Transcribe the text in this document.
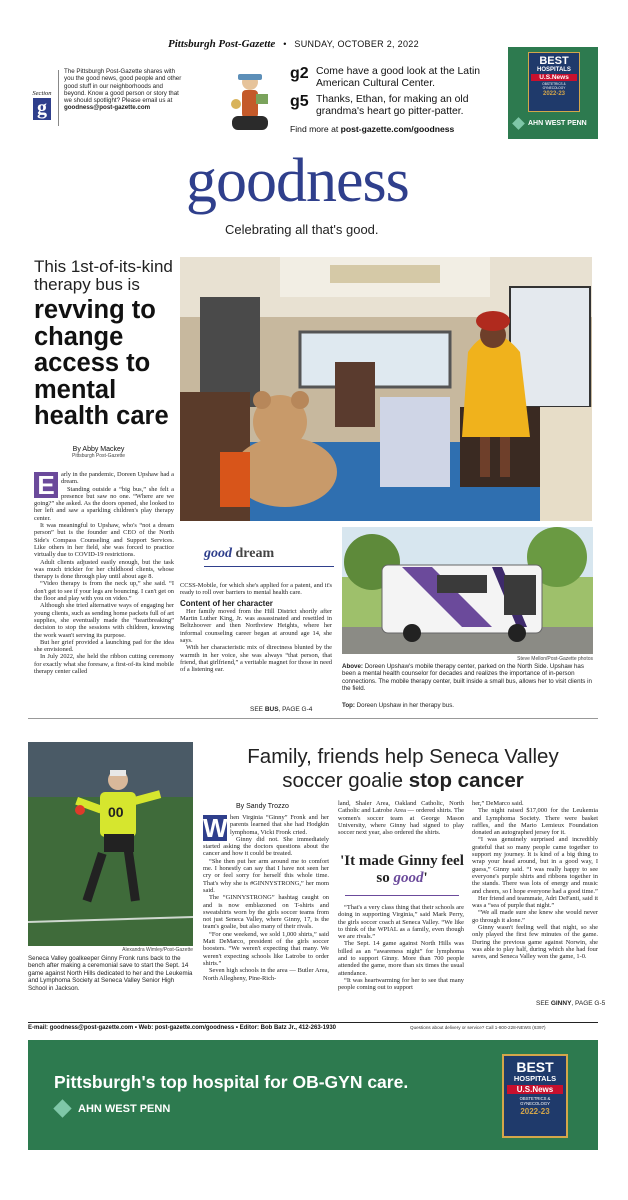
Pittsburgh Post-Gazette • SUNDAY, OCTOBER 2, 2022
Section
g
The Pittsburgh Post-Gazette shares with you the good news, good people and other good stuff in our neighborhoods and beyond. Know a good person or story that we should spotlight? Please email us at goodness@post-gazette.com
g2 Come have a good look at the Latin American Cultural Center.
g5 Thanks, Ethan, for making an old grandma's heart go pitter-patter.
Find more at post-gazette.com/goodness
BEST
HOSPITALS
U.S.News
OBSTETRICS & GYNECOLOGY
2022-23
AHN WEST PENN
goodness
Celebrating all that's good.
This 1st-of-its-kind therapy bus is
revving to change access to mental health care
By Abby Mackey
Pittsburgh Post-Gazette
E arly in the pandemic, Doreen Upshaw had a dream.

Standing outside a “big bus,” she felt a presence but saw no one. “Where are we going?” she asked. As the doors opened, she looked to her left and saw a sparkling children's play therapy center.

It was meaningful to Upshaw, who's “not a dream person” but is the founder and CEO of the North Side's Compass Counseling and Support Services. Like others in her field, she was forced to practice virtually due to COVID-19 restrictions.

Adult clients adjusted easily enough, but the task was much trickier for her childhood clients, whose therapy is done through play until about age 8.

“Video therapy is from the neck up,” she said. “I don't get to see if your legs are bouncing. I can't get on the floor and play with you on video.”

Although she tried alternative ways of engaging her young clients, such as sending home packets full of art supplies, she eventually made the “heartbreaking” decision to stop the sessions with children, knowing the work wasn't serving its purpose.

But her grief provided a launching pad for the idea she envisioned.

In July 2022, she held the ribbon cutting ceremony for exactly what she foresaw, a first-of-its kind mobile therapy center called

good dream

CCSS-Mobile, for which she's applied for a patent, and it's ready to roll over barriers to mental health care.

Content of her character

Her family moved from the Hill District shortly after Martin Luther King, Jr. was assassinated and resettled in Beltzhoover and then Northview Heights, where her informal counseling career began at around age 14, she says.

With her characteristic mix of directness blunted by the warmth in her voice, she was always “that person, that friend, that girlfriend,” a veritable magnet for those in need of a listening ear.

SEE BUS, PAGE G-4
Steve Mellon/Post-Gazette photos
Above: Doreen Upshaw's mobile therapy center, parked on the North Side. Upshaw has been a mental health counselor for decades and realizes the importance of in-person connections. The mobile therapy center, built inside a small bus, allows her to visit clients in the field.
Top: Doreen Upshaw in her therapy bus.
00
Alexandra Wimley/Post-Gazette
Seneca Valley goalkeeper Ginny Fronk runs back to the bench after making a ceremonial save to start the Sept. 14 game against North Hills dedicated to her and the Leukemia and Lymphoma Society at Seneca Valley Senior High School in Jackson.
Family, friends help Seneca Valley
soccer goalie stop cancer
By Sandy Trozzo
W hen Virginia “Ginny” Fronk and her parents learned that she had Hodgkin lymphoma, Vicki Fronk cried.

Ginny did not. She immediately started asking the doctors questions about the cancer and how it could be treated.

“She then put her arm around me to comfort me. I honestly can say that I have not seen her cry or feel sorry for herself this whole time. That's why she is #GINNYSTRONG,” her mom said.

The “GINNYSTRONG” hashtag caught on and is now emblazoned on T-shirts and sweatshirts worn by the girls soccer teams from not just Seneca Valley, where Ginny, 17, is the team's goalie, but also many of their rivals.

“For one weekend, we sold 1,000 shirts,” said Matt DeMarco, president of the girls soccer boosters. “We weren't expecting that many. We weren't expecting schools like Latrobe to order shirts.”

Seven high schools in the area — Butler Area, North Allegheny, Pine-Rich-

land, Shaler Area, Oakland Catholic, North Catholic and Latrobe Area — ordered shirts. The women's soccer team at George Mason University, where Ginny had signed to play soccer next year, also ordered the shirts.

'It made Ginny feel so good'

“That's a very class thing that their schools are doing in supporting Virginia,” said Mark Perry, the girls soccer coach at Seneca Valley. “We like to think of the WPIAL as a family, even though we are rivals.”

The Sept. 14 game against North Hills was billed as an “awareness night” for lymphoma and to support Ginny. More than 700 people attended the game, more than six times the usual attendance.

“It was heartwarming for her to see that many people coming out to support

her,” DeMarco said.

The night raised $17,000 for the Leukemia and Lymphoma Society. There were basket raffles, and the Mario Lemieux Foundation donated an autographed jersey for it.

“I was genuinely surprised and incredibly grateful that so many people came together to support my journey. It is kind of a big thing to wrap your head around, but in a good way, I guess,” Ginny said. “I was really happy to see everyone's purple shirts and ribbons together in the stands. There was lots of energy and music and cheers, so I hope everyone had a good time.”

Her friend and teammate, Adri DeFanti, said it was a “sea of purple that night.”

“We all made sure she knew she would never go through it alone.”

Ginny wasn't feeling well that night, so she only played the first few minutes of the game. During the previous game against Norwin, she was able to play half, during which she had four saves, and Seneca Valley won the game, 1-0.

SEE GINNY, PAGE G-5
E-mail: goodness@post-gazette.com • Web: post-gazette.com/goodness • Editor: Bob Batz Jr., 412-263-1930	Questions about delivery or service? Call 1-800-228-NEWS (6397)
Pittsburgh's top hospital for OB-GYN care.
AHN WEST PENN
BEST
HOSPITALS
U.S.News
OBSTETRICS & GYNECOLOGY
2022-23
